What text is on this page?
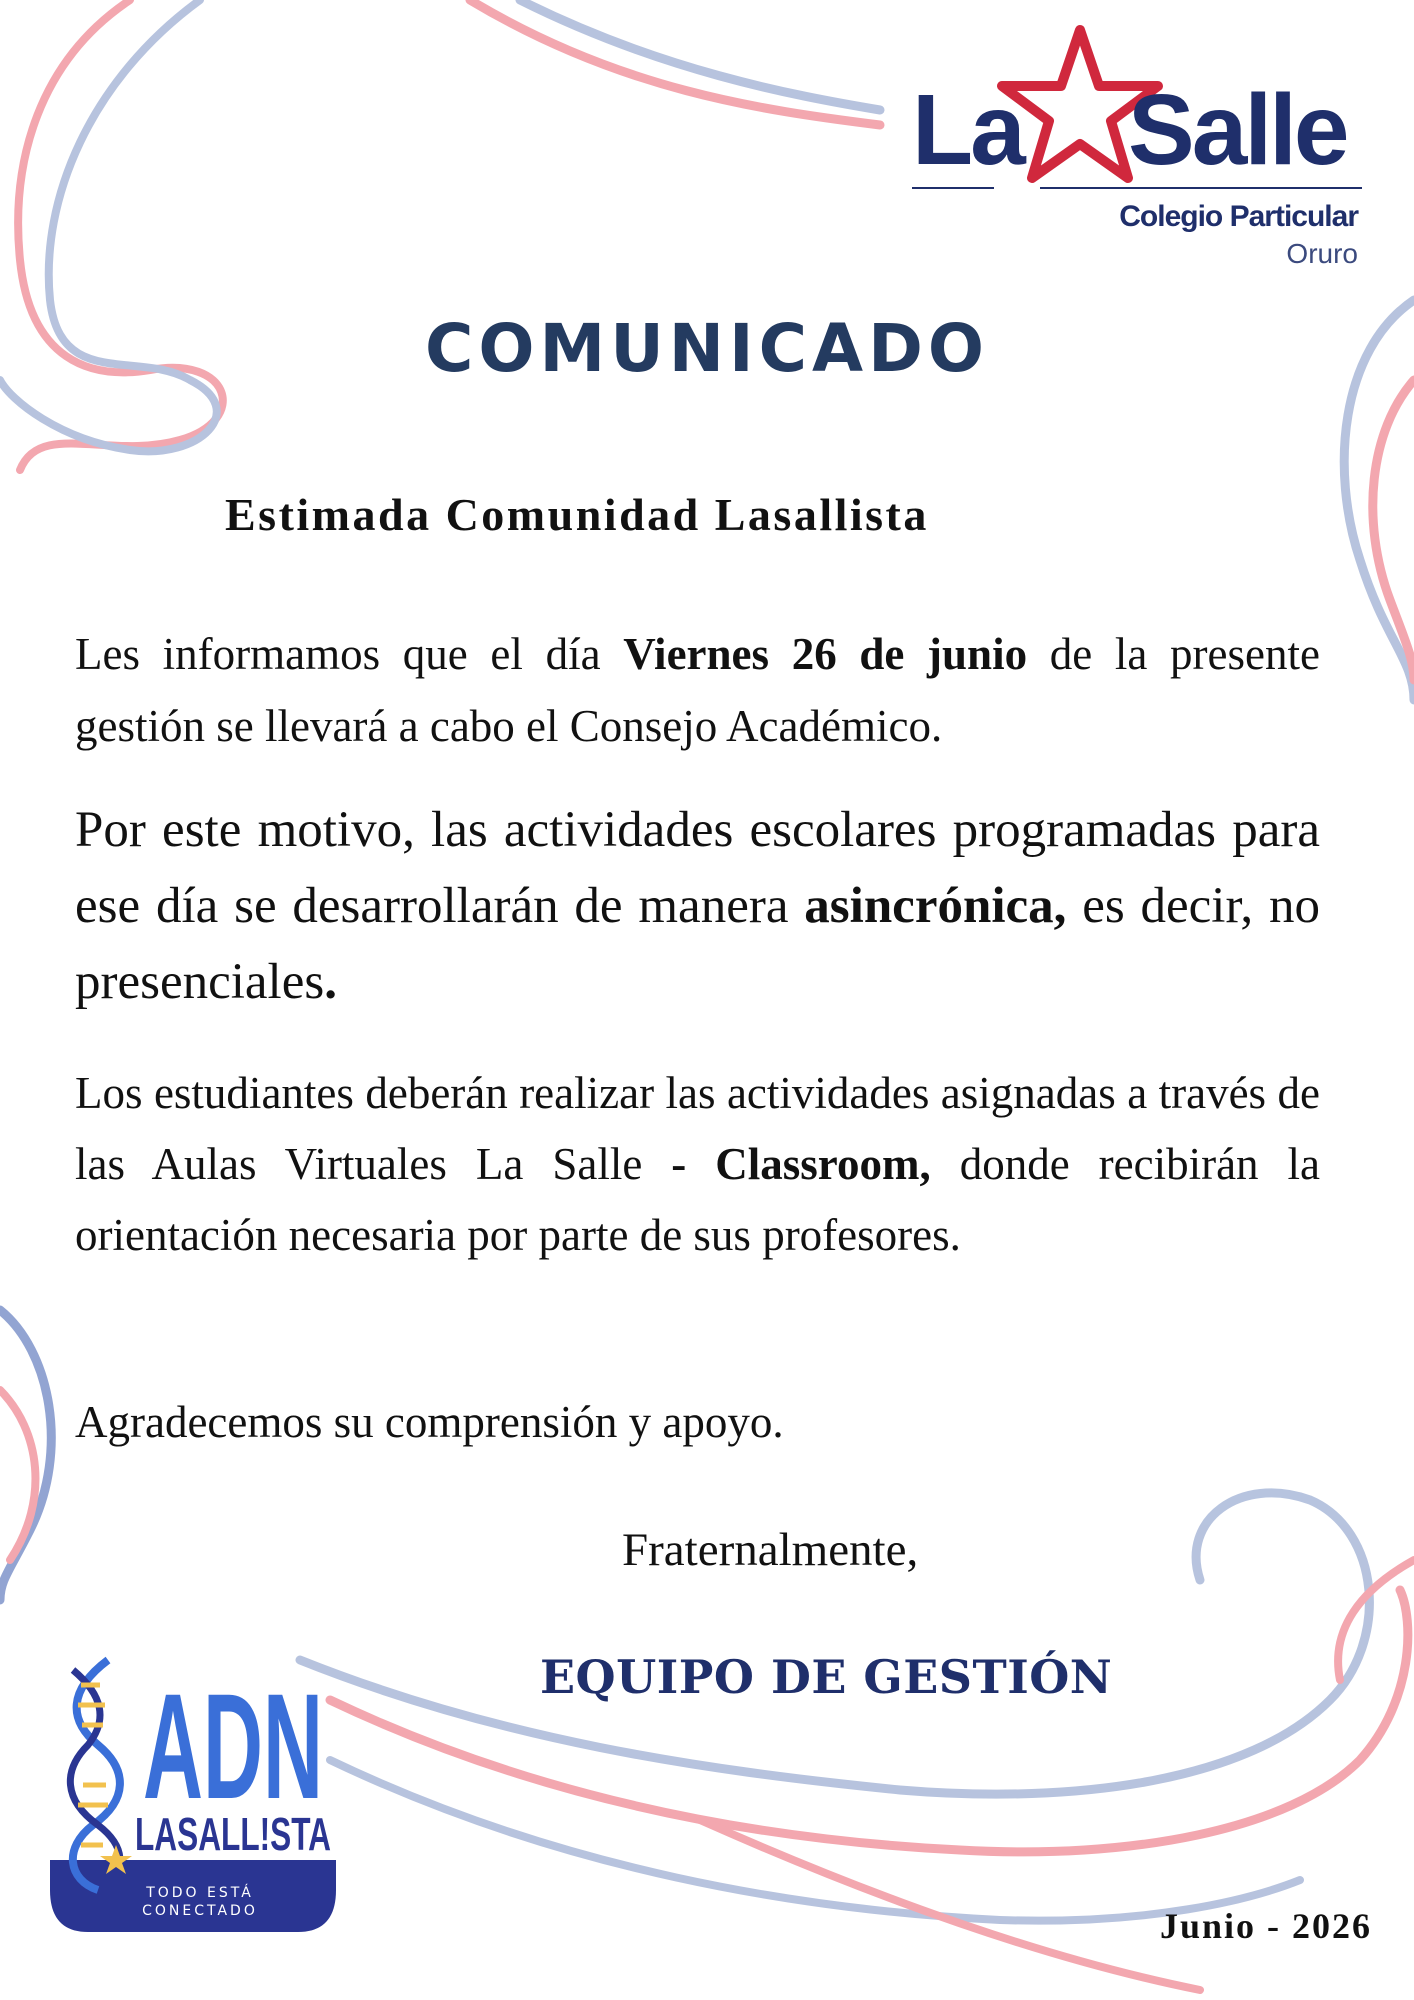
La Salle
Colegio Particular
Oruro
COMUNICADO
Estimada Comunidad Lasallista

Les informamos que el día Viernes 26 de junio de la presente gestión se llevará a cabo el Consejo Académico.

Por este motivo, las actividades escolares programadas para ese día se desarrollarán de manera asincrónica, es decir, no presenciales.

Los estudiantes deberán realizar las actividades asignadas a través de las Aulas Virtuales La Salle - Classroom, donde recibirán la orientación necesaria por parte de sus profesores.

Agradecemos su comprensión y apoyo.

Fraternalmente,
EQUIPO DE GESTIÓN
Junio - 2026
ADN
LASALL!STA
TODO ESTÁ
CONECTADO
